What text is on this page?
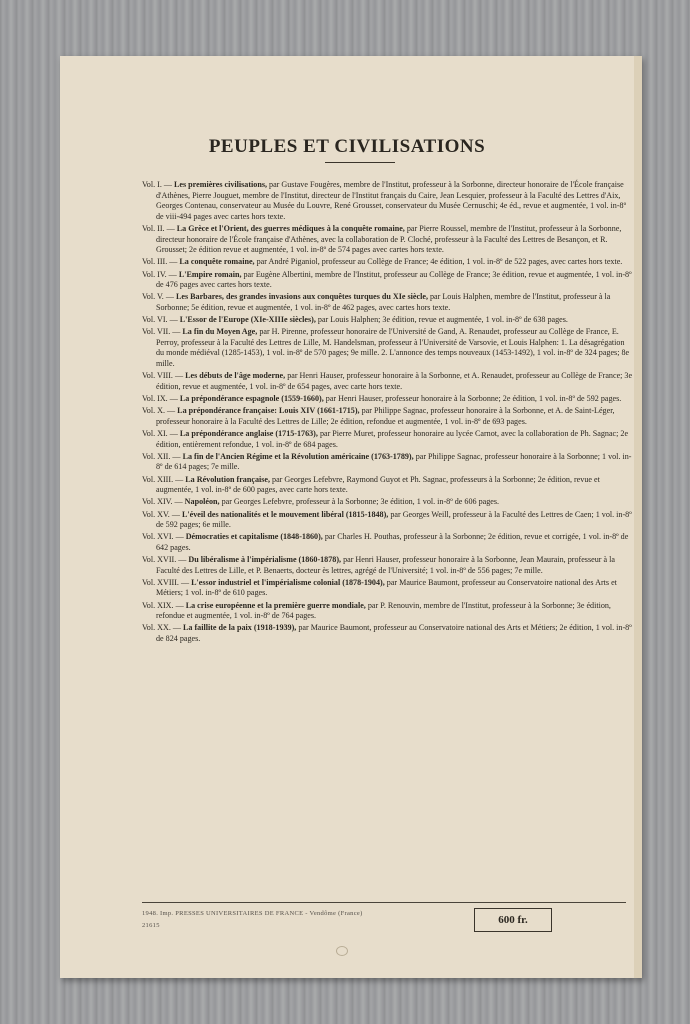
PEUPLES ET CIVILISATIONS
Vol. I. — Les premières civilisations, par Gustave Fougères, membre de l'Institut, professeur à la Sorbonne, directeur honoraire de l'École française d'Athènes, Pierre Jouguet, membre de l'Institut, directeur de l'Institut français du Caire, Jean Lesquier, professeur à la Faculté des Lettres d'Aix, Georges Contenau, conservateur au Musée du Louvre, René Grousset, conservateur du Musée Cernuschi; 4e éd., revue et augmentée, 1 vol. in-8º de viii-494 pages avec cartes hors texte.
Vol. II. — La Grèce et l'Orient, des guerres médiques à la conquête romaine, par Pierre Roussel, membre de l'Institut, professeur à la Sorbonne, directeur honoraire de l'École française d'Athènes, avec la collaboration de P. Cloché, professeur à la Faculté des Lettres de Besançon, et R. Grousset; 2e édition revue et augmentée, 1 vol. in-8º de 574 pages avec cartes hors texte.
Vol. III. — La conquête romaine, par André Piganiol, professeur au Collège de France; 4e édition, 1 vol. in-8º de 522 pages, avec cartes hors texte.
Vol. IV. — L'Empire romain, par Eugène Albertini, membre de l'Institut, professeur au Collège de France; 3e édition, revue et augmentée, 1 vol. in-8º de 476 pages avec cartes hors texte.
Vol. V. — Les Barbares, des grandes invasions aux conquêtes turques du XIe siècle, par Louis Halphen, membre de l'Institut, professeur à la Sorbonne; 5e édition, revue et augmentée, 1 vol. in-8º de 462 pages, avec cartes hors texte.
Vol. VI. — L'Essor de l'Europe (XIe-XIIIe siècles), par Louis Halphen; 3e édition, revue et augmentée, 1 vol. in-8º de 638 pages.
Vol. VII. — La fin du Moyen Age, par H. Pirenne, professeur honoraire de l'Université de Gand, A. Renaudet, professeur au Collège de France, E. Perroy, professeur à la Faculté des Lettres de Lille, M. Handelsman, professeur à l'Université de Varsovie, et Louis Halphen: 1. La désagrégation du monde médiéval (1285-1453), 1 vol. in-8º de 570 pages; 9e mille. 2. L'annonce des temps nouveaux (1453-1492), 1 vol. in-8º de 324 pages; 8e mille.
Vol. VIII. — Les débuts de l'âge moderne, par Henri Hauser, professeur honoraire à la Sorbonne, et A. Renaudet, professeur au Collège de France; 3e édition, revue et augmentée, 1 vol. in-8º de 654 pages, avec carte hors texte.
Vol. IX. — La prépondérance espagnole (1559-1660), par Henri Hauser, professeur honoraire à la Sorbonne; 2e édition, 1 vol. in-8º de 592 pages.
Vol. X. — La prépondérance française: Louis XIV (1661-1715), par Philippe Sagnac, professeur honoraire à la Sorbonne, et A. de Saint-Léger, professeur honoraire à la Faculté des Lettres de Lille; 2e édition, refondue et augmentée, 1 vol. in-8º de 693 pages.
Vol. XI. — La prépondérance anglaise (1715-1763), par Pierre Muret, professeur honoraire au lycée Carnot, avec la collaboration de Ph. Sagnac; 2e édition, entièrement refondue, 1 vol. in-8º de 684 pages.
Vol. XII. — La fin de l'Ancien Régime et la Révolution américaine (1763-1789), par Philippe Sagnac, professeur honoraire à la Sorbonne; 1 vol. in-8º de 614 pages; 7e mille.
Vol. XIII. — La Révolution française, par Georges Lefebvre, Raymond Guyot et Ph. Sagnac, professeurs à la Sorbonne; 2e édition, revue et augmentée, 1 vol. in-8º de 600 pages, avec carte hors texte.
Vol. XIV. — Napoléon, par Georges Lefebvre, professeur à la Sorbonne; 3e édition, 1 vol. in-8º de 606 pages.
Vol. XV. — L'éveil des nationalités et le mouvement libéral (1815-1848), par Georges Weill, professeur à la Faculté des Lettres de Caen; 1 vol. in-8º de 592 pages; 6e mille.
Vol. XVI. — Démocraties et capitalisme (1848-1860), par Charles H. Pouthas, professeur à la Sorbonne; 2e édition, revue et corrigée, 1 vol. in-8º de 642 pages.
Vol. XVII. — Du libéralisme à l'impérialisme (1860-1878), par Henri Hauser, professeur honoraire à la Sorbonne, Jean Maurain, professeur à la Faculté des Lettres de Lille, et P. Benaerts, docteur ès lettres, agrégé de l'Université; 1 vol. in-8º de 556 pages; 7e mille.
Vol. XVIII. — L'essor industriel et l'impérialisme colonial (1878-1904), par Maurice Baumont, professeur au Conservatoire national des Arts et Métiers; 1 vol. in-8º de 610 pages.
Vol. XIX. — La crise européenne et la première guerre mondiale, par P. Renouvin, membre de l'Institut, professeur à la Sorbonne; 3e édition, refondue et augmentée, 1 vol. in-8º de 764 pages.
Vol. XX. — La faillite de la paix (1918-1939), par Maurice Baumont, professeur au Conservatoire national des Arts et Métiers; 2e édition, 1 vol. in-8º de 824 pages.
1948. Imp. PRESSES UNIVERSITAIRES DE FRANCE - Vendôme (France)
21615	600 fr.
